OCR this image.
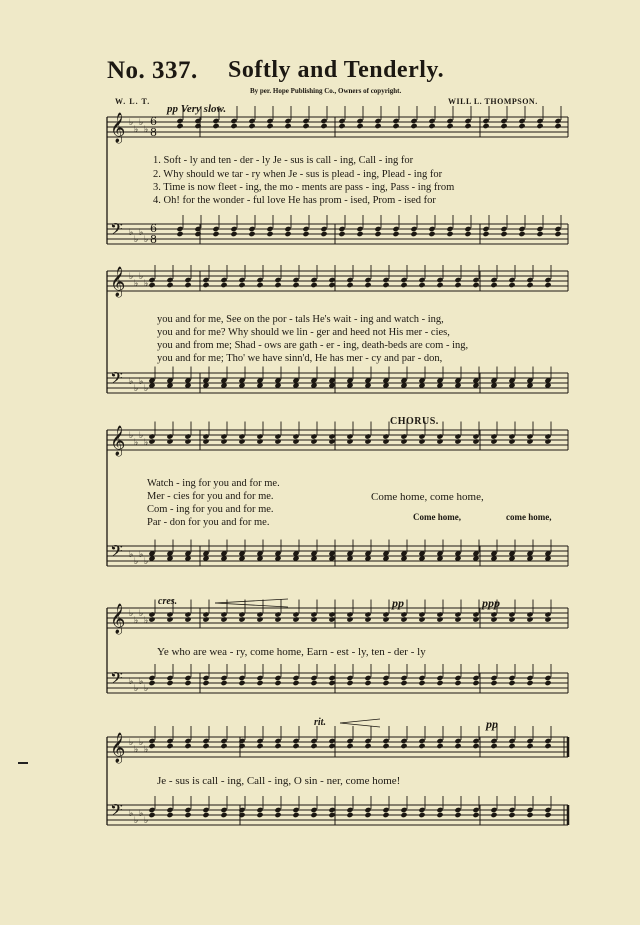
No. 337. Softly and Tenderly.
By per. Hope Publishing Co., Owners of copyright.
W. L. T.	WILL L. THOMPSON.
pp Very slow.
𝄞
𝄢
♭
♭
♭
♭
♭
♭
♭
♭
𝄞
𝄢
♭
♭
♭
♭
♭
♭
♭
♭
𝄞
𝄢
♭
♭
♭
♭
♭
♭
♭
♭
𝄞
𝄢
♭
♭
♭
♭
♭
♭
♭
♭
𝄞
𝄢
♭
♭
♭
♭
♭
♭
♭
♭
6
8
6
8
1. Soft - ly and ten - der - ly Je - sus is call - ing, Call - ing for
2. Why should we tar - ry when Je - sus is plead - ing, Plead - ing for
3. Time is now fleet - ing, the mo - ments are pass - ing, Pass - ing from
4. Oh! for the wonder - ful love He has prom - ised, Prom - ised for
you and for me, See on the por - tals He's wait - ing and watch - ing,
you and for me? Why should we lin - ger and heed not His mer - cies,
you and from me; Shad - ows are gath - er - ing, death-beds are com - ing,
you and for me; Tho' we have sinn'd, He has mer - cy and par - don,
CHORUS.
Watch - ing for you and for me.
Mer - cies for you and for me.
Com - ing for you and for me.
Par - don for you and for me.
Come home, come home,
Come home,	come home,
cres.	pp	ppp
Ye who are wea - ry, come home, Earn - est - ly, ten - der - ly
rit.	pp
Je - sus is call - ing, Call - ing, O sin - ner, come home!
